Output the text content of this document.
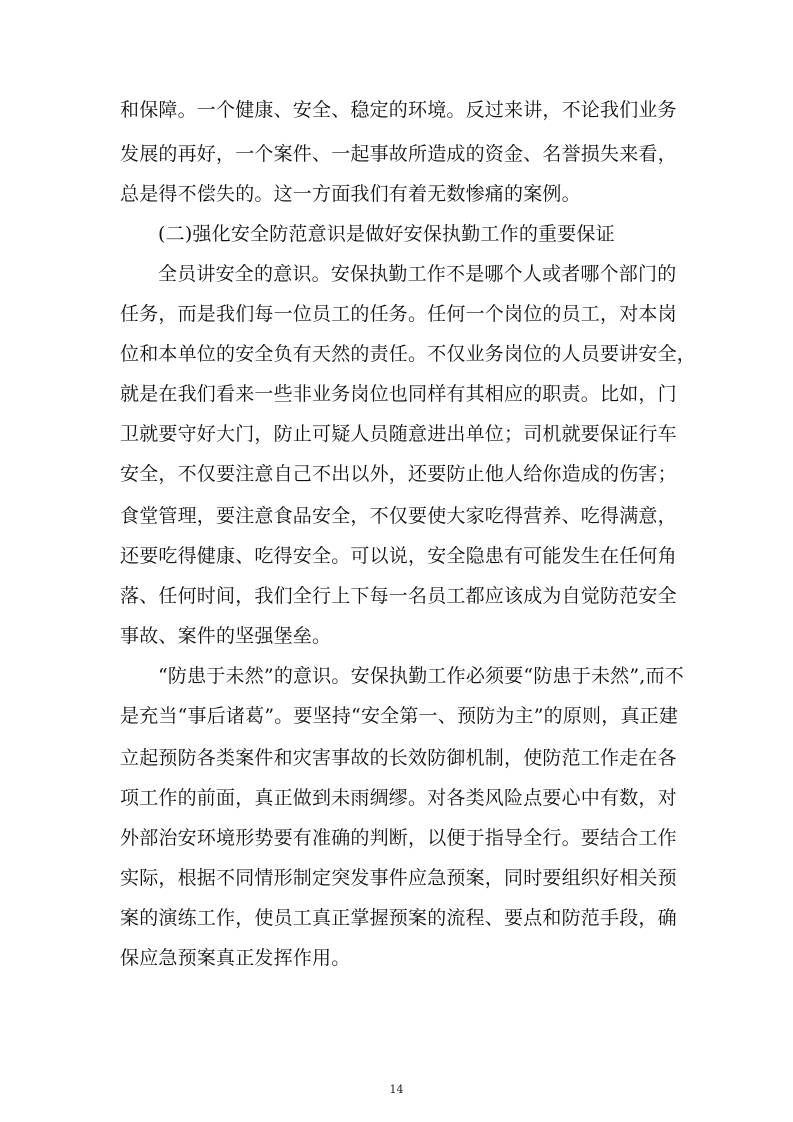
和保障。一个健康、安全、稳定的环境。反过来讲，不论我们业务
发展的再好，一个案件、一起事故所造成的资金、名誉损失来看，
总是得不偿失的。这一方面我们有着无数惨痛的案例。
(二)强化安全防范意识是做好安保执勤工作的重要保证
全员讲安全的意识。安保执勤工作不是哪个人或者哪个部门的
任务，而是我们每一位员工的任务。任何一个岗位的员工，对本岗
位和本单位的安全负有天然的责任。不仅业务岗位的人员要讲安全，
就是在我们看来一些非业务岗位也同样有其相应的职责。比如，门
卫就要守好大门，防止可疑人员随意进出单位；司机就要保证行车
安全，不仅要注意自己不出以外，还要防止他人给你造成的伤害；
食堂管理，要注意食品安全，不仅要使大家吃得营养、吃得满意，
还要吃得健康、吃得安全。可以说，安全隐患有可能发生在任何角
落、任何时间，我们全行上下每一名员工都应该成为自觉防范安全
事故、案件的坚强堡垒。
“防患于未然”的意识。安保执勤工作必须要“防患于未然”,而不
是充当“事后诸葛”。要坚持“安全第一、预防为主”的原则，真正建
立起预防各类案件和灾害事故的长效防御机制，使防范工作走在各
项工作的前面，真正做到未雨绸缪。对各类风险点要心中有数，对
外部治安环境形势要有准确的判断，以便于指导全行。要结合工作
实际，根据不同情形制定突发事件应急预案，同时要组织好相关预
案的演练工作，使员工真正掌握预案的流程、要点和防范手段，确
保应急预案真正发挥作用。
14
